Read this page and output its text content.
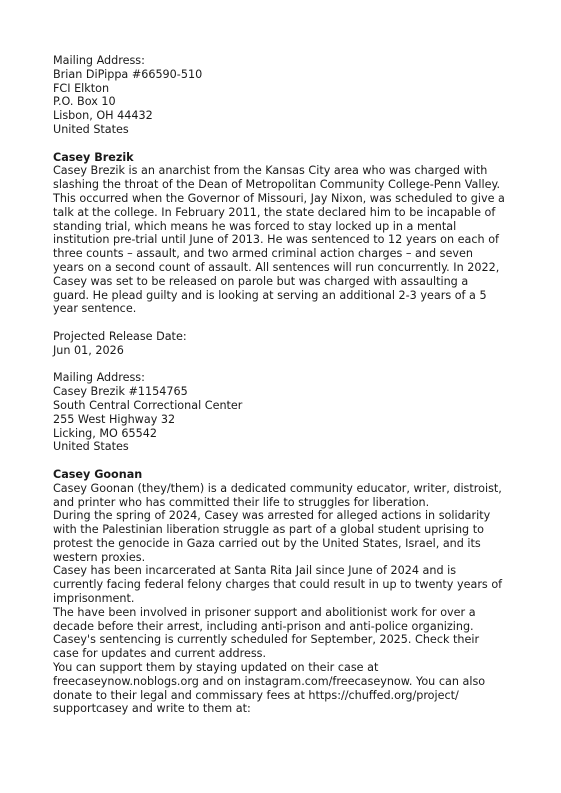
Mailing Address:
Brian DiPippa #66590-510
FCI Elkton
P.O. Box 10
Lisbon, OH 44432
United States
Casey Brezik
Casey Brezik is an anarchist from the Kansas City area who was charged with
slashing the throat of the Dean of Metropolitan Community College-Penn Valley.
This occurred when the Governor of Missouri, Jay Nixon, was scheduled to give a
talk at the college. In February 2011, the state declared him to be incapable of
standing trial, which means he was forced to stay locked up in a mental
institution pre-trial until June of 2013. He was sentenced to 12 years on each of
three counts – assault, and two armed criminal action charges – and seven
years on a second count of assault. All sentences will run concurrently. In 2022,
Casey was set to be released on parole but was charged with assaulting a
guard. He plead guilty and is looking at serving an additional 2-3 years of a 5
year sentence.
Projected Release Date:
Jun 01, 2026
Mailing Address:
Casey Brezik #1154765
South Central Correctional Center
255 West Highway 32
Licking, MO 65542
United States
Casey Goonan
Casey Goonan (they/them) is a dedicated community educator, writer, distroist,
and printer who has committed their life to struggles for liberation.
During the spring of 2024, Casey was arrested for alleged actions in solidarity
with the Palestinian liberation struggle as part of a global student uprising to
protest the genocide in Gaza carried out by the United States, Israel, and its
western proxies.
Casey has been incarcerated at Santa Rita Jail since June of 2024 and is
currently facing federal felony charges that could result in up to twenty years of
imprisonment.
The have been involved in prisoner support and abolitionist work for over a
decade before their arrest, including anti-prison and anti-police organizing.
Casey's sentencing is currently scheduled for September, 2025. Check their
case for updates and current address.
You can support them by staying updated on their case at
freecaseynow.noblogs.org and on instagram.com/freecaseynow. You can also
donate to their legal and commissary fees at https://chuffed.org/project/
supportcasey and write to them at:
